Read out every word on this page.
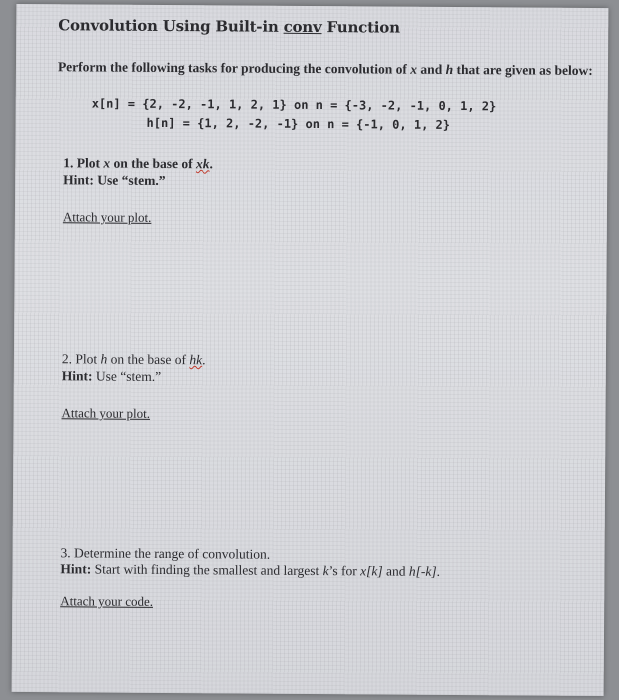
Convolution Using Built-in conv Function
Perform the following tasks for producing the convolution of x and h that are given as below:
x[n] = {2, -2, -1, 1, 2, 1} on n = {-3, -2, -1, 0, 1, 2}
h[n] = {1, 2, -2, -1} on n = {-1, 0, 1, 2}
1. Plot x on the base of xk.
Hint: Use “stem.”
Attach your plot.
2. Plot h on the base of hk.
Hint: Use “stem.”
Attach your plot.
3. Determine the range of convolution.
Hint: Start with finding the smallest and largest k’s for x[k] and h[-k].
Attach your code.
